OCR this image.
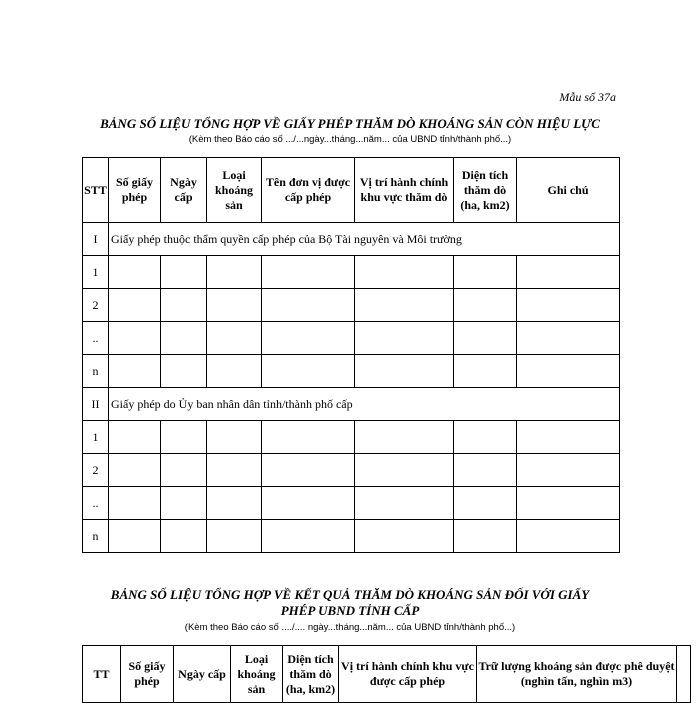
Mẫu số 37a
BẢNG SỐ LIỆU TỔNG HỢP VỀ GIẤY PHÉP THĂM DÒ KHOÁNG SẢN CÒN HIỆU LỰC
(Kèm theo Báo cáo số .../...ngày...tháng...năm... của UBND tỉnh/thành phố...)
STT	Số giấy phép	Ngày cấp	Loại khoáng sản	Tên đơn vị được cấp phép	Vị trí hành chính khu vực thăm dò	Diện tích thăm dò (ha, km2)	Ghi chú
I	Giấy phép thuộc thẩm quyền cấp phép của Bộ Tài nguyên và Môi trường						
1							
2							
..							
n							
II	Giấy phép do Ủy ban nhân dân tỉnh/thành phố cấp						
1							
2							
..							
n							
BẢNG SỐ LIỆU TỔNG HỢP VỀ KẾT QUẢ THĂM DÒ KHOÁNG SẢN ĐỐI VỚI GIẤY
PHÉP UBND TỈNH CẤP
(Kèm theo Báo cáo số ..../.... ngày...tháng...năm... của UBND tỉnh/thành phố...)
TT	Số giấy phép	Ngày cấp	Loại khoáng sản	Diện tích thăm dò (ha, km2)	Vị trí hành chính khu vực được cấp phép	Trữ lượng khoáng sản được phê duyệt (nghìn tấn, nghìn m3)	
